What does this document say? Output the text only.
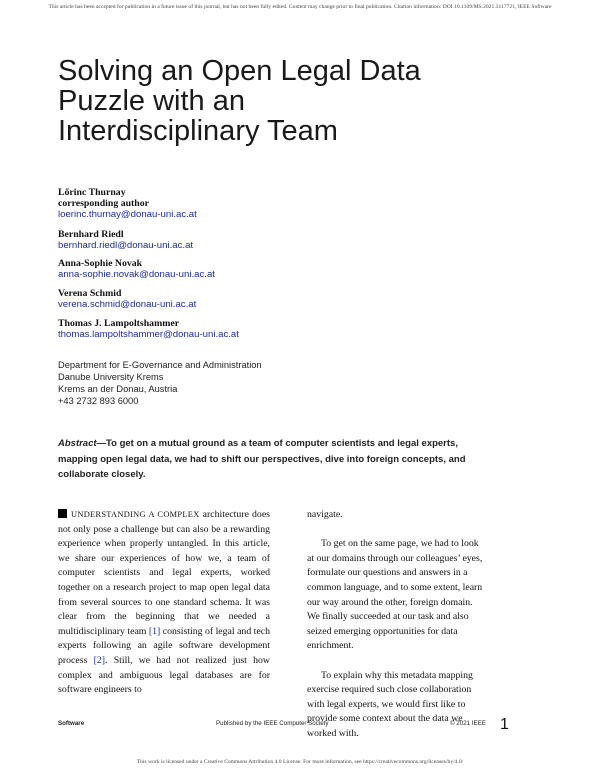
This article has been accepted for publication in a future issue of this journal, but has not been fully edited. Content may change prior to final publication. Citation information: DOI 10.1109/MS.2021.3117721, IEEE Software
Solving an Open Legal Data
Puzzle with an
Interdisciplinary Team
Lőrinc Thurnay
corresponding author
loerinc.thurnay@donau-uni.ac.at
Bernhard Riedl
bernhard.riedl@donau-uni.ac.at
Anna-Sophie Novak
anna-sophie.novak@donau-uni.ac.at
Verena Schmid
verena.schmid@donau-uni.ac.at
Thomas J. Lampoltshammer
thomas.lampoltshammer@donau-uni.ac.at
Department for E-Governance and Administration
Danube University Krems
Krems an der Donau, Austria
+43 2732 893 6000
Abstract—To get on a mutual ground as a team of computer scientists and legal experts, mapping open legal data, we had to shift our perspectives, dive into foreign concepts, and collaborate closely.

UNDERSTANDING A COMPLEX architecture does not only pose a challenge but can also be a rewarding experience when properly untangled. In this article, we share our experiences of how we, a team of computer scientists and legal experts, worked together on a research project to map open legal data from several sources to one standard schema. It was clear from the beginning that we needed a multidisciplinary team [1] consisting of legal and tech experts following an agile software development process [2]. Still, we had not realized just how complex and ambiguous legal databases are for software engineers to

navigate.

To get on the same page, we had to look at our domains through our colleagues’ eyes, formulate our questions and answers in a common language, and to some extent, learn our way around the other, foreign domain. We finally succeeded at our task and also seized emerging opportunities for data enrichment.

To explain why this metadata mapping exercise required such close collaboration with legal experts, we would first like to provide some context about the data we worked with.

Software	Published by the IEEE Computer Society	© 2021 IEEE 1
This work is licensed under a Creative Commons Attribution 4.0 License. For more information, see https://creativecommons.org/licenses/by/4.0/
